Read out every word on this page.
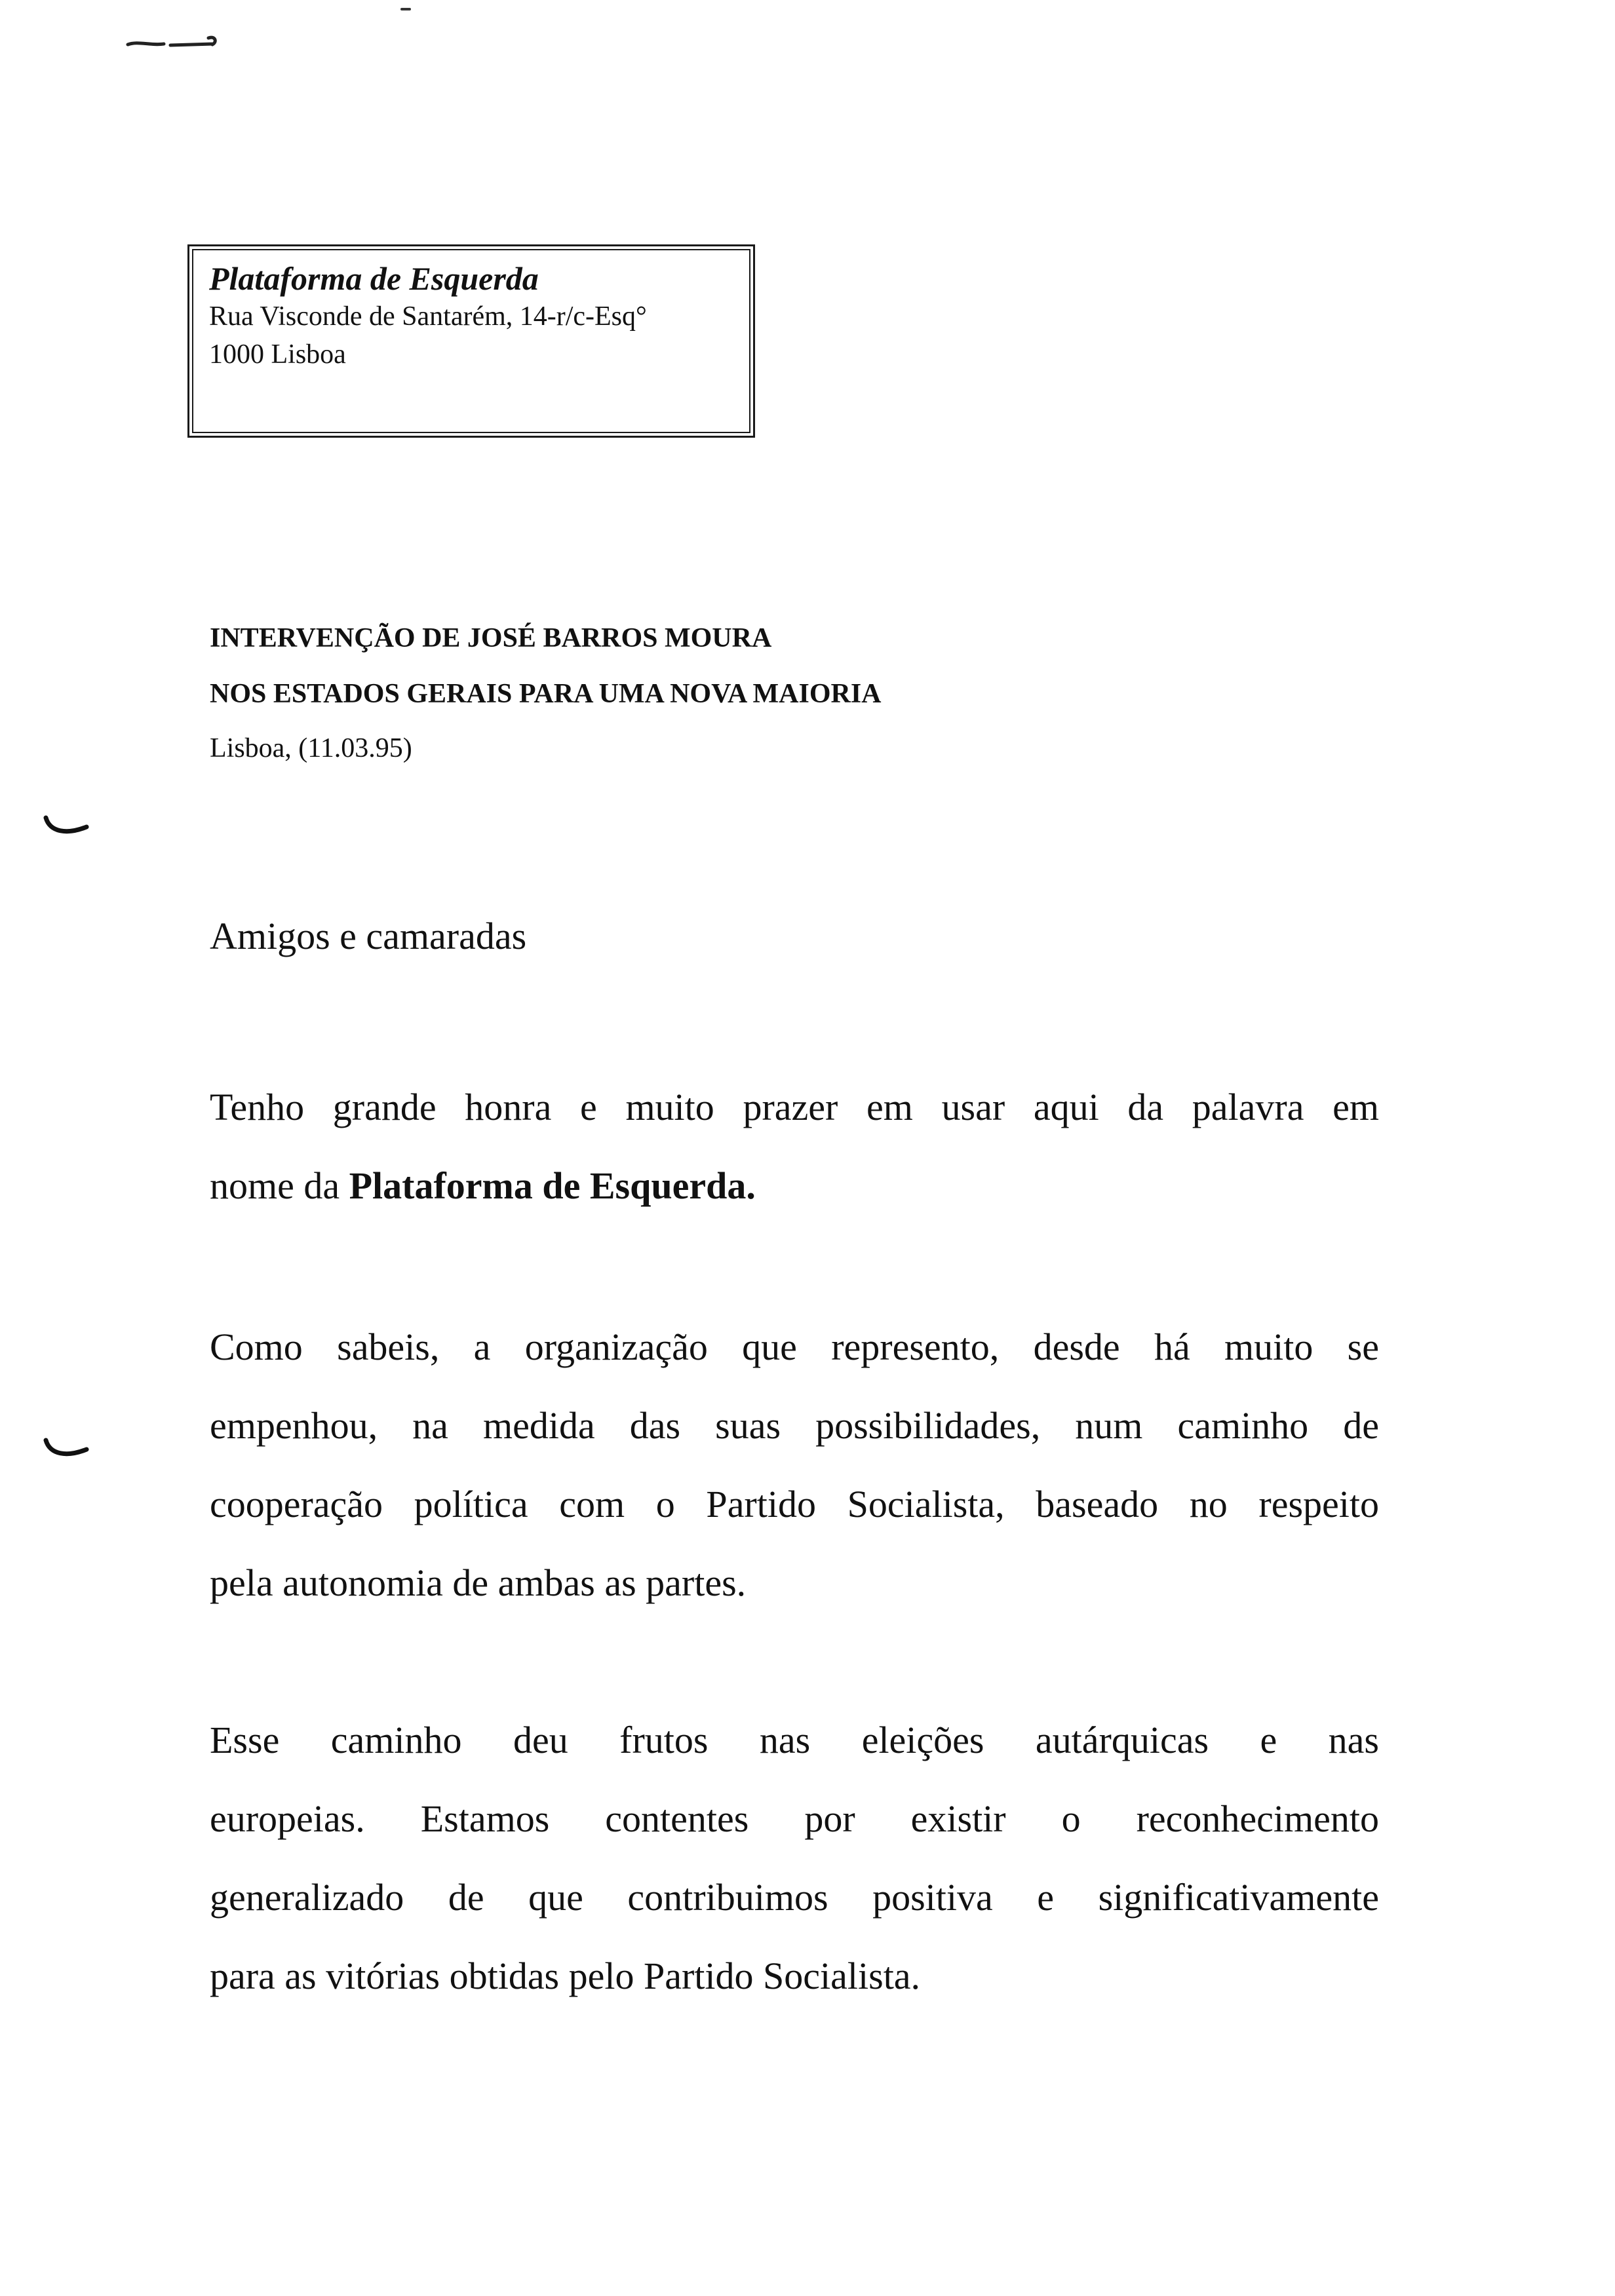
Plataforma de Esquerda
Rua Visconde de Santarém, 14-r/c-Esq°
1000 Lisboa
INTERVENÇÃO DE JOSÉ BARROS MOURA
NOS ESTADOS GERAIS PARA UMA NOVA MAIORIA
Lisboa, (11.03.95)
Amigos e camaradas
Tenho grande honra e muito prazer em usar aqui da palavra em
nome da Plataforma de Esquerda.
Como sabeis, a organização que represento, desde há muito se
empenhou, na medida das suas possibilidades, num caminho de
cooperação política com o Partido Socialista, baseado no respeito
pela autonomia de ambas as partes.
Esse caminho deu frutos nas eleições autárquicas e nas
europeias. Estamos contentes por existir o reconhecimento
generalizado de que contribuimos positiva e significativamente
para as vitórias obtidas pelo Partido Socialista.
